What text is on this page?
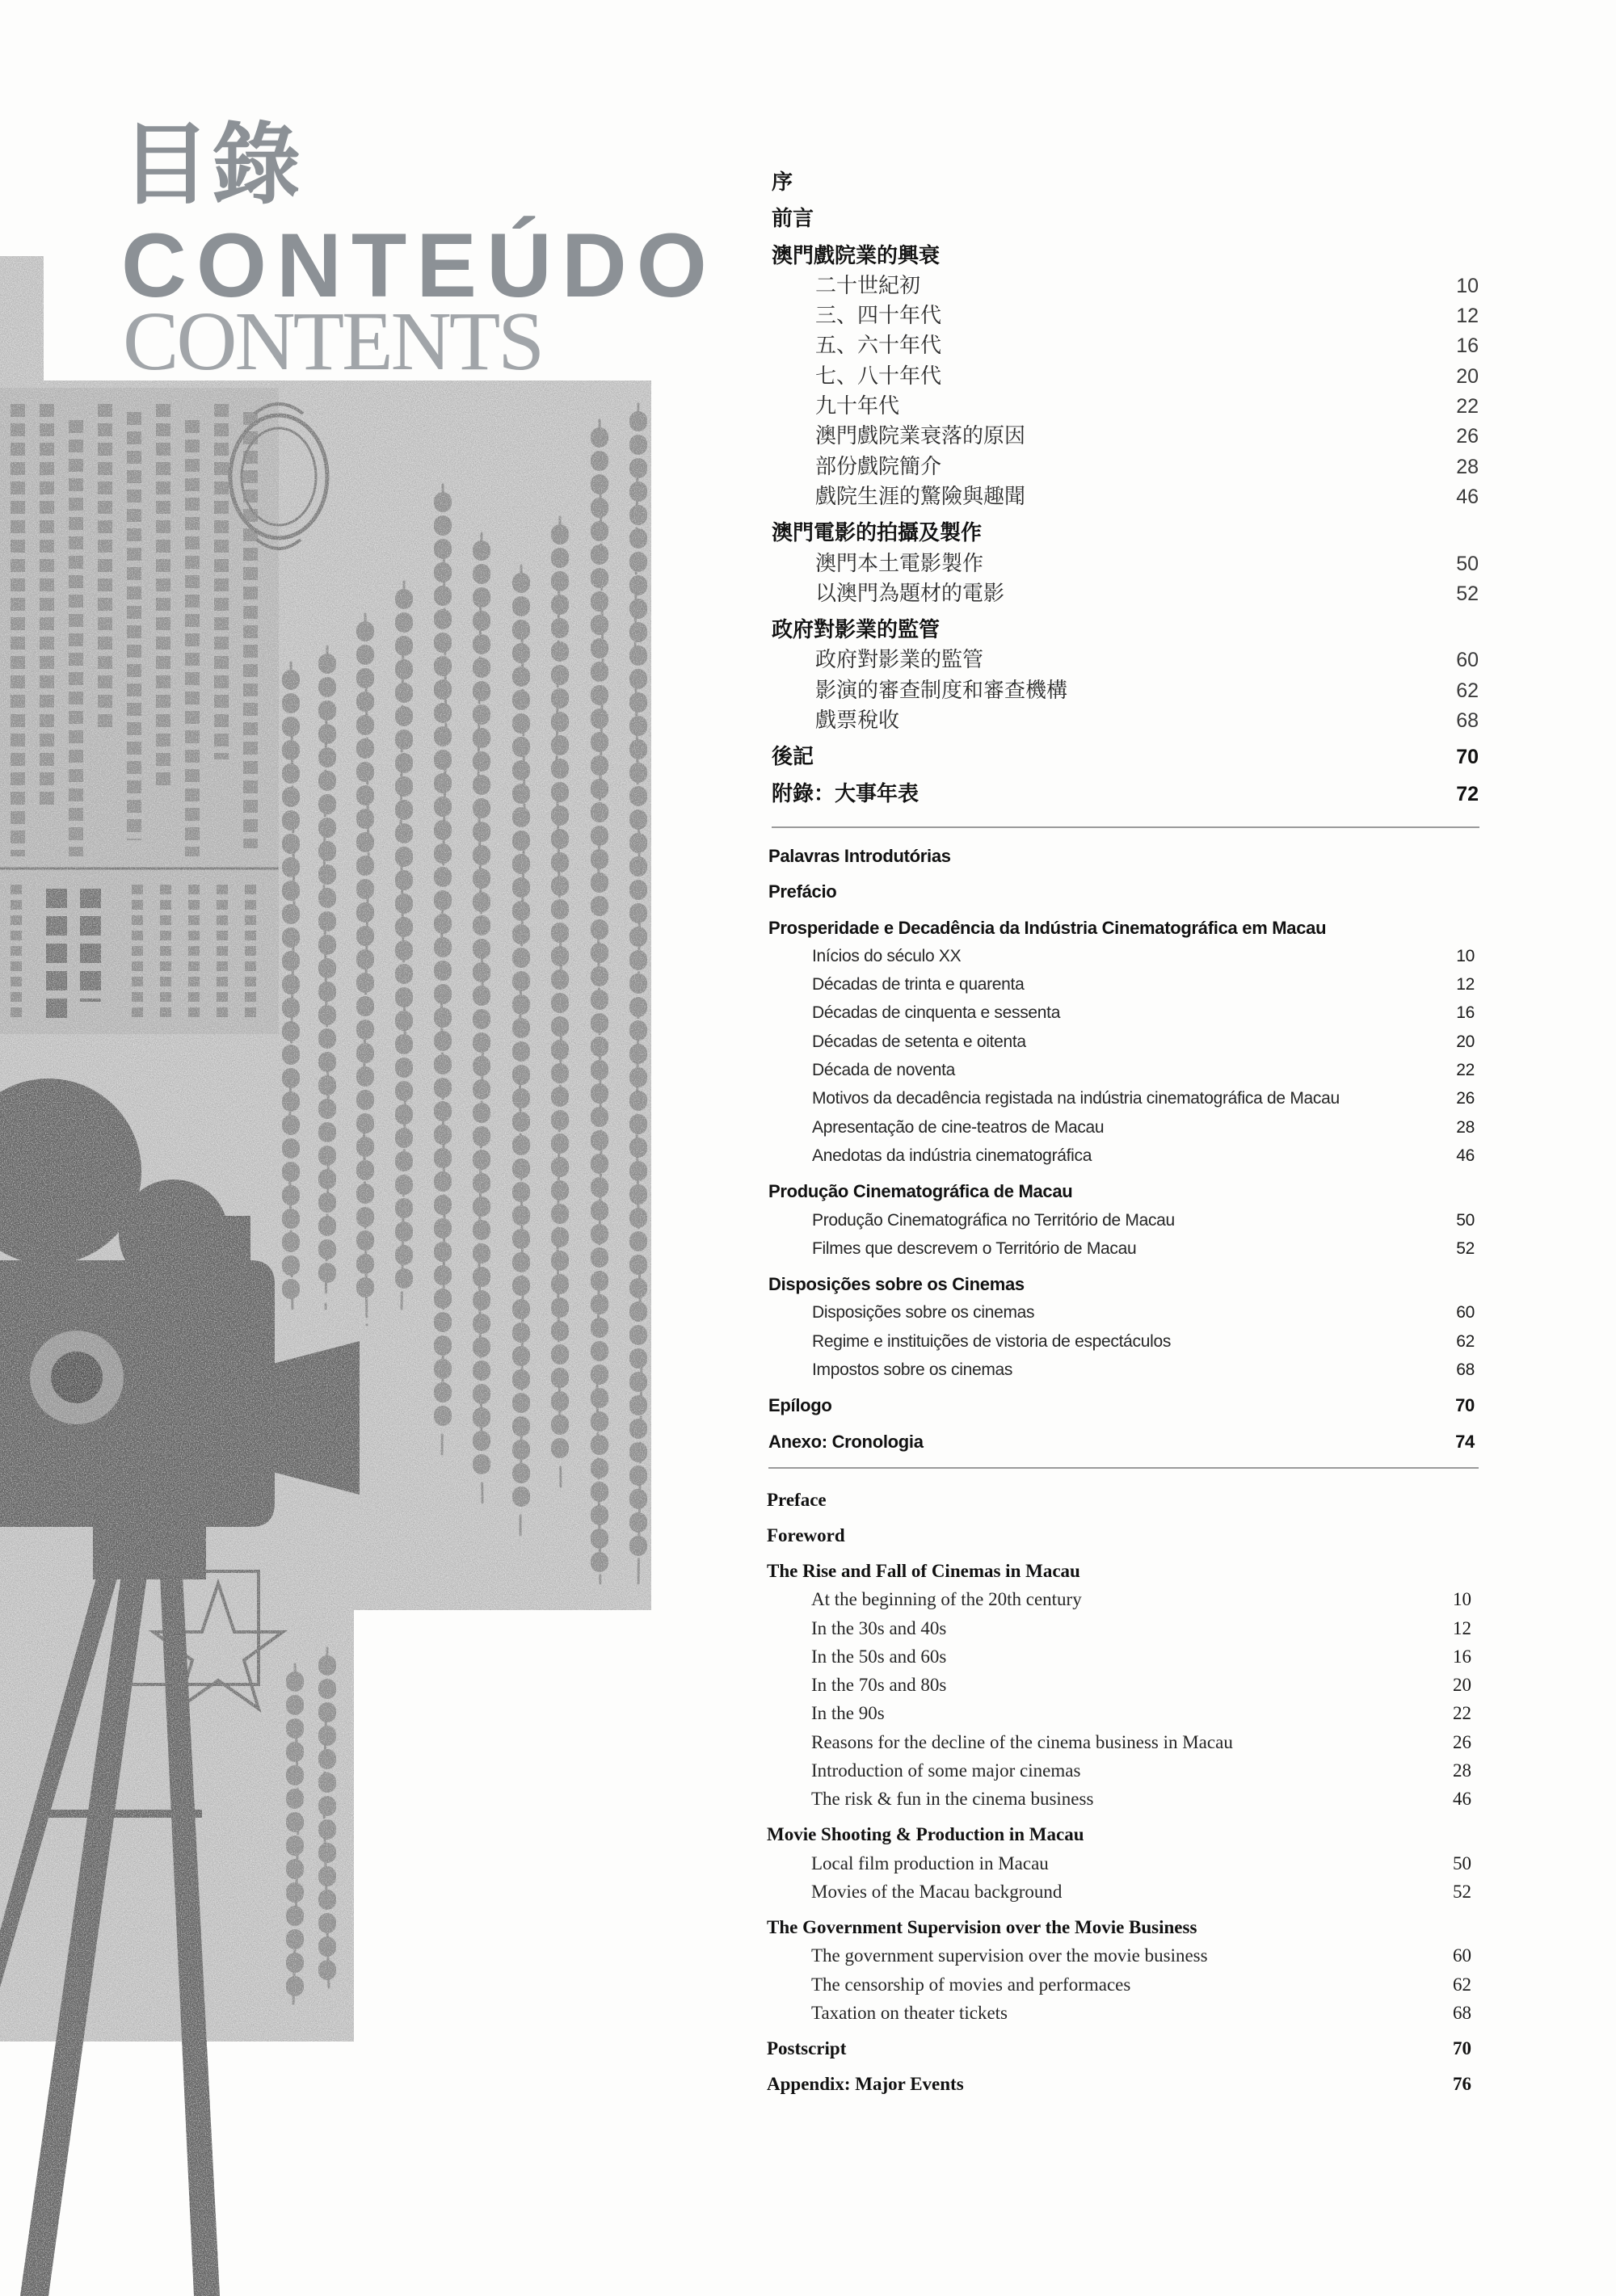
目錄
CONTEÚDO
CONTENTS
序
前言
澳門戲院業的興衰
二十世紀初	10
三、四十年代	12
五、六十年代	16
七、八十年代	20
九十年代	22
澳門戲院業衰落的原因	26
部份戲院簡介	28
戲院生涯的驚險與趣聞	46
澳門電影的拍攝及製作
澳門本土電影製作	50
以澳門為題材的電影	52
政府對影業的監管
政府對影業的監管	60
影演的審查制度和審查機構	62
戲票稅收	68
後記	70
附錄：大事年表	72
Palavras Introdutórias
Prefácio
Prosperidade e Decadência da Indústria Cinematográfica em Macau
Inícios do século XX	10
Décadas de trinta e quarenta	12
Décadas de cinquenta e sessenta	16
Décadas de setenta e oitenta	20
Década de noventa	22
Motivos da decadência registada na indústria cinematográfica de Macau	26
Apresentação de cine-teatros de Macau	28
Anedotas da indústria cinematográfica	46
Produção Cinematográfica de Macau
Produção Cinematográfica no Território de Macau	50
Filmes que descrevem o Território de Macau	52
Disposições sobre os Cinemas
Disposições sobre os cinemas	60
Regime e instituições de vistoria de espectáculos	62
Impostos sobre os cinemas	68
Epílogo	70
Anexo: Cronologia	74
Preface
Foreword
The Rise and Fall of Cinemas in Macau
At the beginning of the 20th century	10
In the 30s and 40s	12
In the 50s and 60s	16
In the 70s and 80s	20
In the 90s	22
Reasons for the decline of the cinema business in Macau	26
Introduction of some major cinemas	28
The risk & fun in the cinema business	46
Movie Shooting & Production in Macau
Local film production in Macau	50
Movies of the Macau background	52
The Government Supervision over the Movie Business
The government supervision over the movie business	60
The censorship of movies and performaces	62
Taxation on theater tickets	68
Postscript	70
Appendix: Major Events	76
